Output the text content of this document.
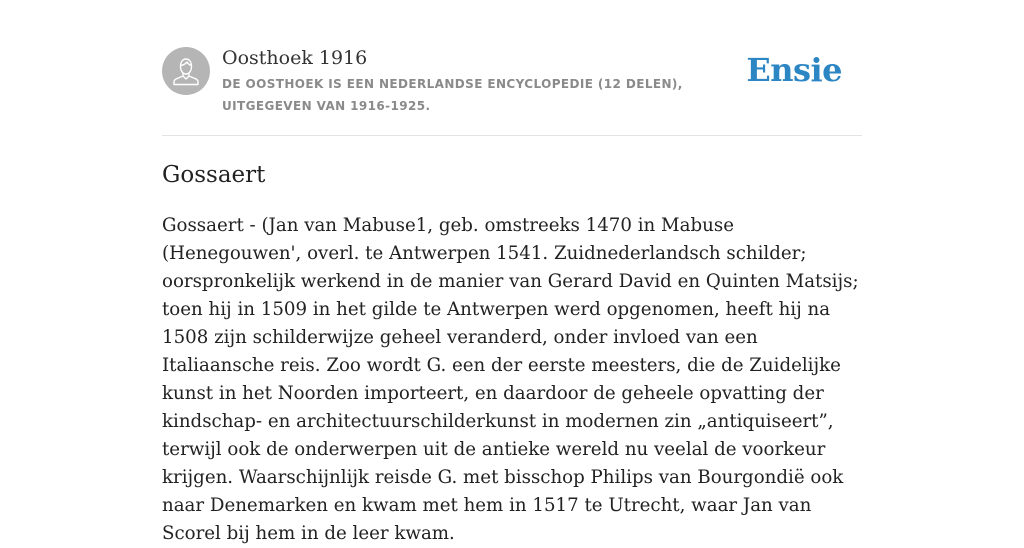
Oosthoek 1916
DE OOSTHOEK IS EEN NEDERLANDSE ENCYCLOPEDIE (12 DELEN), UITGEGEVEN VAN 1916-1925.
Ensie
Gossaert

Gossaert - (Jan van Mabuse1, geb. omstreeks 1470 in Mabuse (Henegouwen', overl. te Antwerpen 1541. Zuidnederlandsch schilder; oorspronkelijk werkend in de manier van Gerard David en Quinten Matsijs; toen hij in 1509 in het gilde te Antwerpen werd opgenomen, heeft hij na 1508 zijn schilderwijze geheel veranderd, onder invloed van een Italiaansche reis. Zoo wordt G. een der eerste meesters, die de Zuidelijke kunst in het Noorden importeert, en daardoor de geheele opvatting der kindschap- en architectuurschilderkunst in modernen zin „antiquiseert”, terwijl ook de onderwerpen uit de antieke wereld nu veelal de voorkeur krijgen. Waarschijnlijk reisde G. met bisschop Philips van Bourgondië ook naar Denemarken en kwam met hem in 1517 te Utrecht, waar Jan van Scorel bij hem in de leer kwam.
